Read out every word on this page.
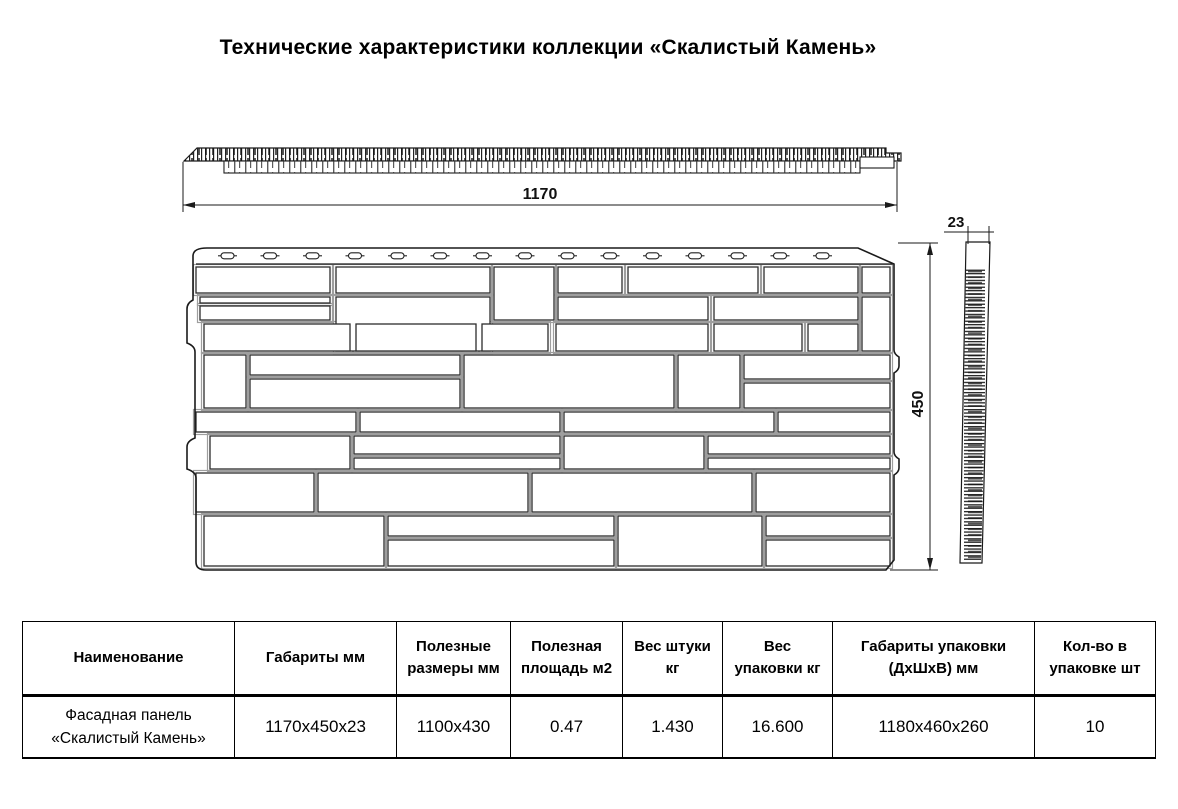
Технические характеристики коллекции «Скалистый Камень»
1170
450
23
Наименование	Габариты мм	Полезные размеры мм	Полезная площадь м2	Вес штуки кг	Вес упаковки кг	Габариты упаковки (ДхШхВ) мм	Кол-во в упаковке шт
Фасадная панель «Скалистый Камень»	1170х450х23	1100х430	0.47	1.430	16.600	1180х460х260	10
